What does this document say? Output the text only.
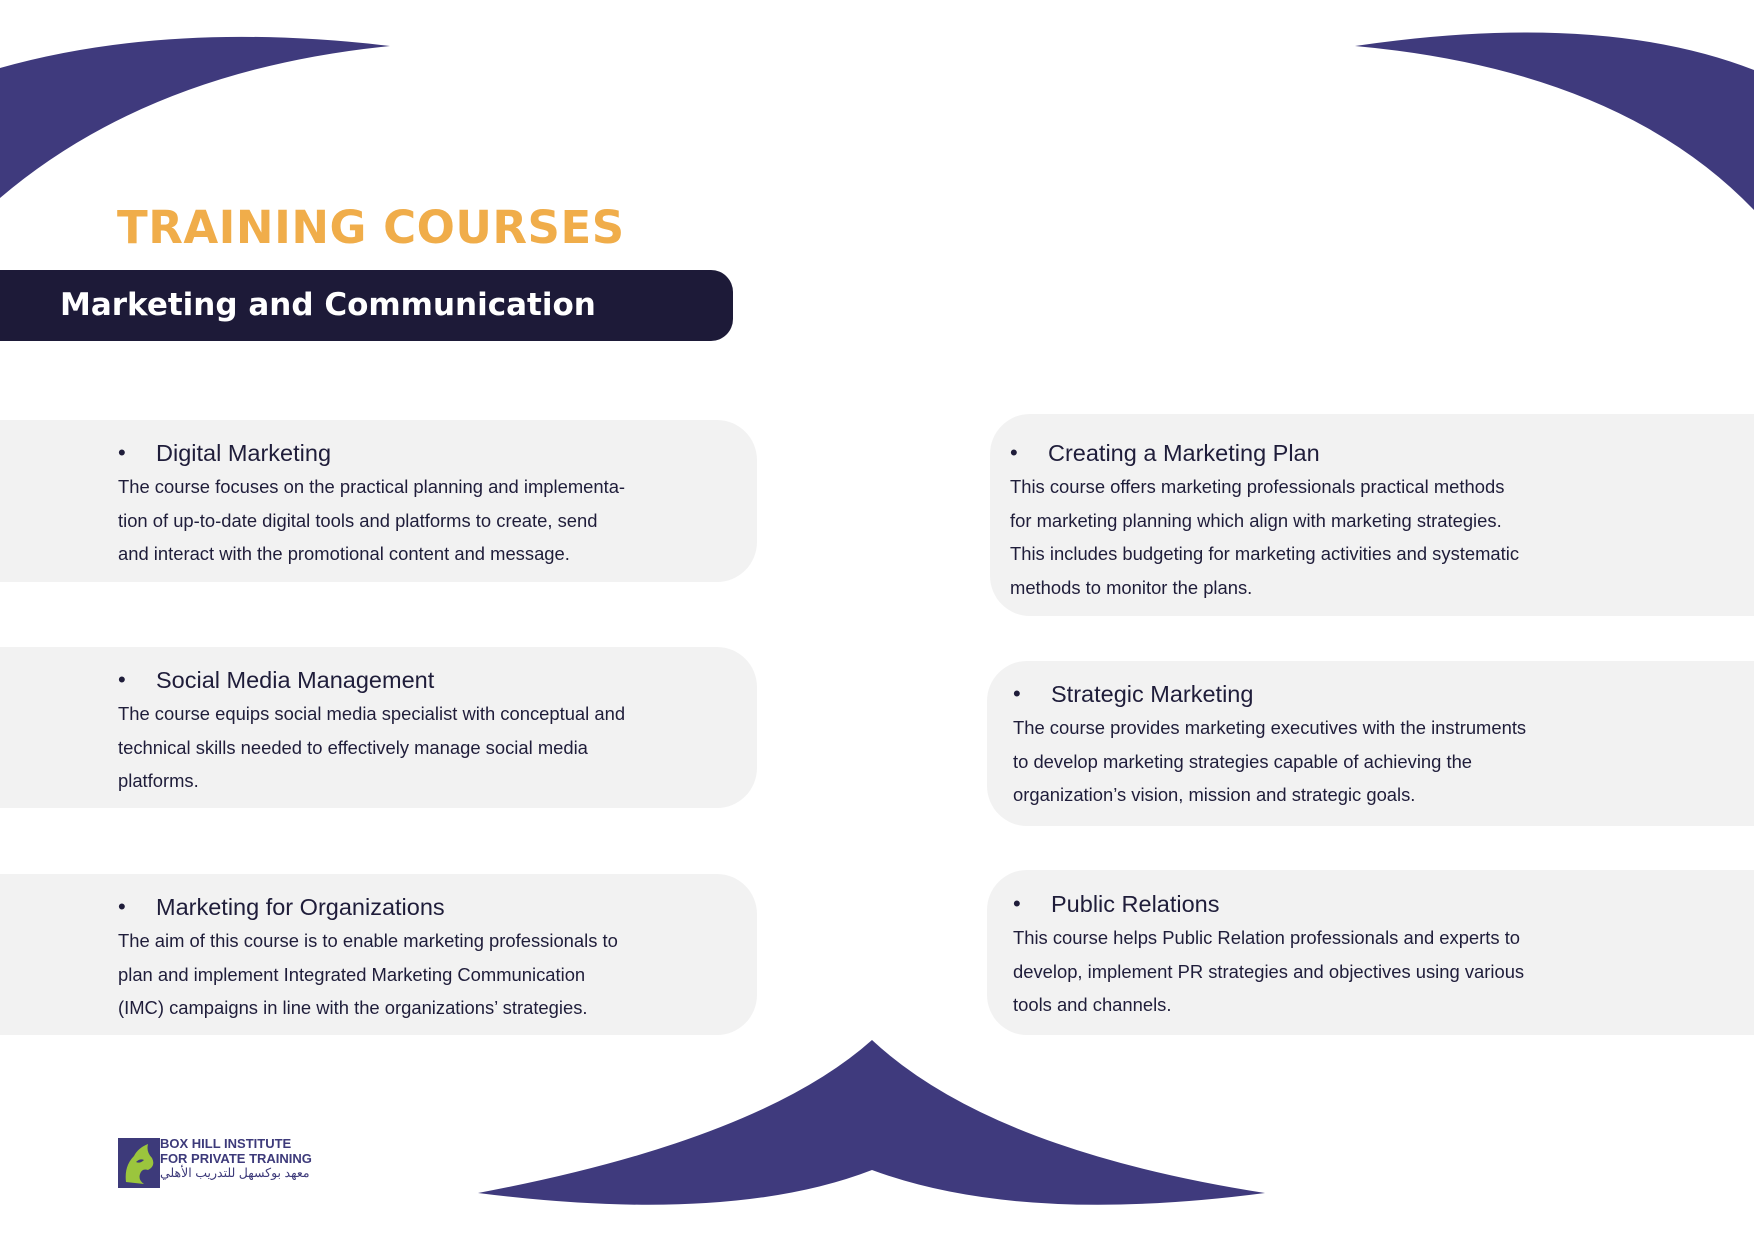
TRAINING COURSES
Marketing and Communication

•	Digital Marketing

The course focuses on the practical planning and implementa-

tion of up-to-date digital tools and platforms to create, send

and interact with the promotional content and message.

•	Social Media Management

The course equips social media specialist with conceptual and

technical skills needed to effectively manage social media

platforms.

•	Marketing for Organizations

The aim of this course is to enable marketing professionals to

plan and implement Integrated Marketing Communication

(IMC) campaigns in line with the organizations’ strategies.

•	Creating a Marketing Plan

This course offers marketing professionals practical methods

for marketing planning which align with marketing strategies.

This includes budgeting for marketing activities and systematic

methods to monitor the plans.

•	Strategic Marketing

The course provides marketing executives with the instruments

to develop marketing strategies capable of achieving the

organization’s vision, mission and strategic goals.

•	Public Relations

This course helps Public Relation professionals and experts to

develop, implement PR strategies and objectives using various

tools and channels.

BOX HILL INSTITUTE
FOR PRIVATE TRAINING
معهد بوكسهل للتدريب الأهلي
